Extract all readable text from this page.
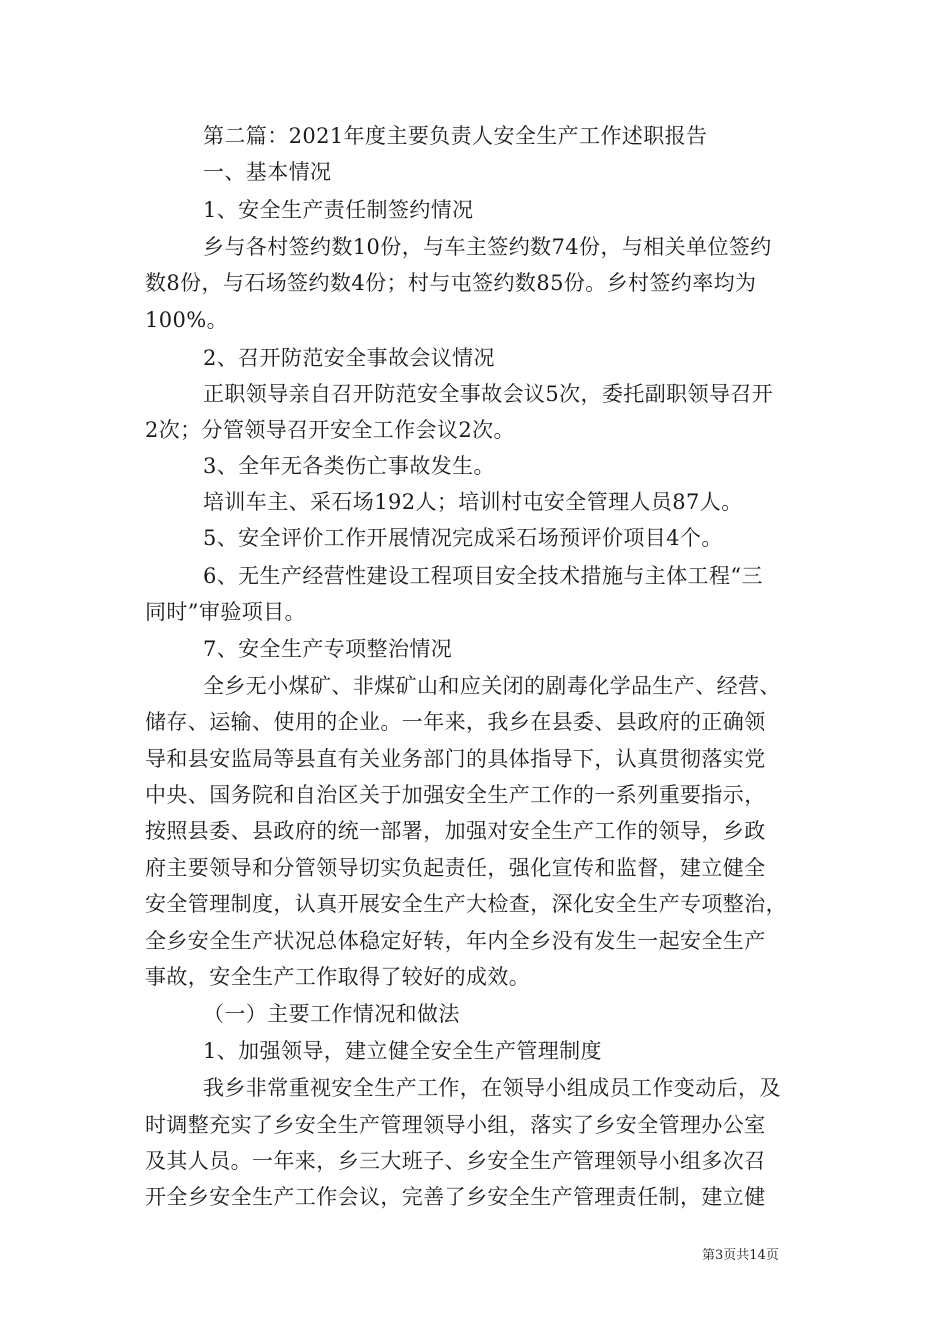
第二篇：2021年度主要负责人安全生产工作述职报告
一、基本情况
1、安全生产责任制签约情况
乡与各村签约数10份，与车主签约数74份，与相关单位签约
数8份，与石场签约数4份；村与屯签约数85份。乡村签约率均为
100%。
2、召开防范安全事故会议情况
正职领导亲自召开防范安全事故会议5次，委托副职领导召开
2次；分管领导召开安全工作会议2次。
3、全年无各类伤亡事故发生。
培训车主、采石场192人；培训村屯安全管理人员87人。
5、安全评价工作开展情况完成采石场预评价项目4个。
6、无生产经营性建设工程项目安全技术措施与主体工程“三
同时”审验项目。
7、安全生产专项整治情况
全乡无小煤矿、非煤矿山和应关闭的剧毒化学品生产、经营、
储存、运输、使用的企业。一年来，我乡在县委、县政府的正确领
导和县安监局等县直有关业务部门的具体指导下，认真贯彻落实党
中央、国务院和自治区关于加强安全生产工作的一系列重要指示，
按照县委、县政府的统一部署，加强对安全生产工作的领导，乡政
府主要领导和分管领导切实负起责任，强化宣传和监督，建立健全
安全管理制度，认真开展安全生产大检查，深化安全生产专项整治，
全乡安全生产状况总体稳定好转，年内全乡没有发生一起安全生产
事故，安全生产工作取得了较好的成效。
（一）主要工作情况和做法
1、加强领导，建立健全安全生产管理制度
我乡非常重视安全生产工作，在领导小组成员工作变动后，及
时调整充实了乡安全生产管理领导小组，落实了乡安全管理办公室
及其人员。一年来，乡三大班子、乡安全生产管理领导小组多次召
开全乡安全生产工作会议，完善了乡安全生产管理责任制，建立健
第3页共14页
